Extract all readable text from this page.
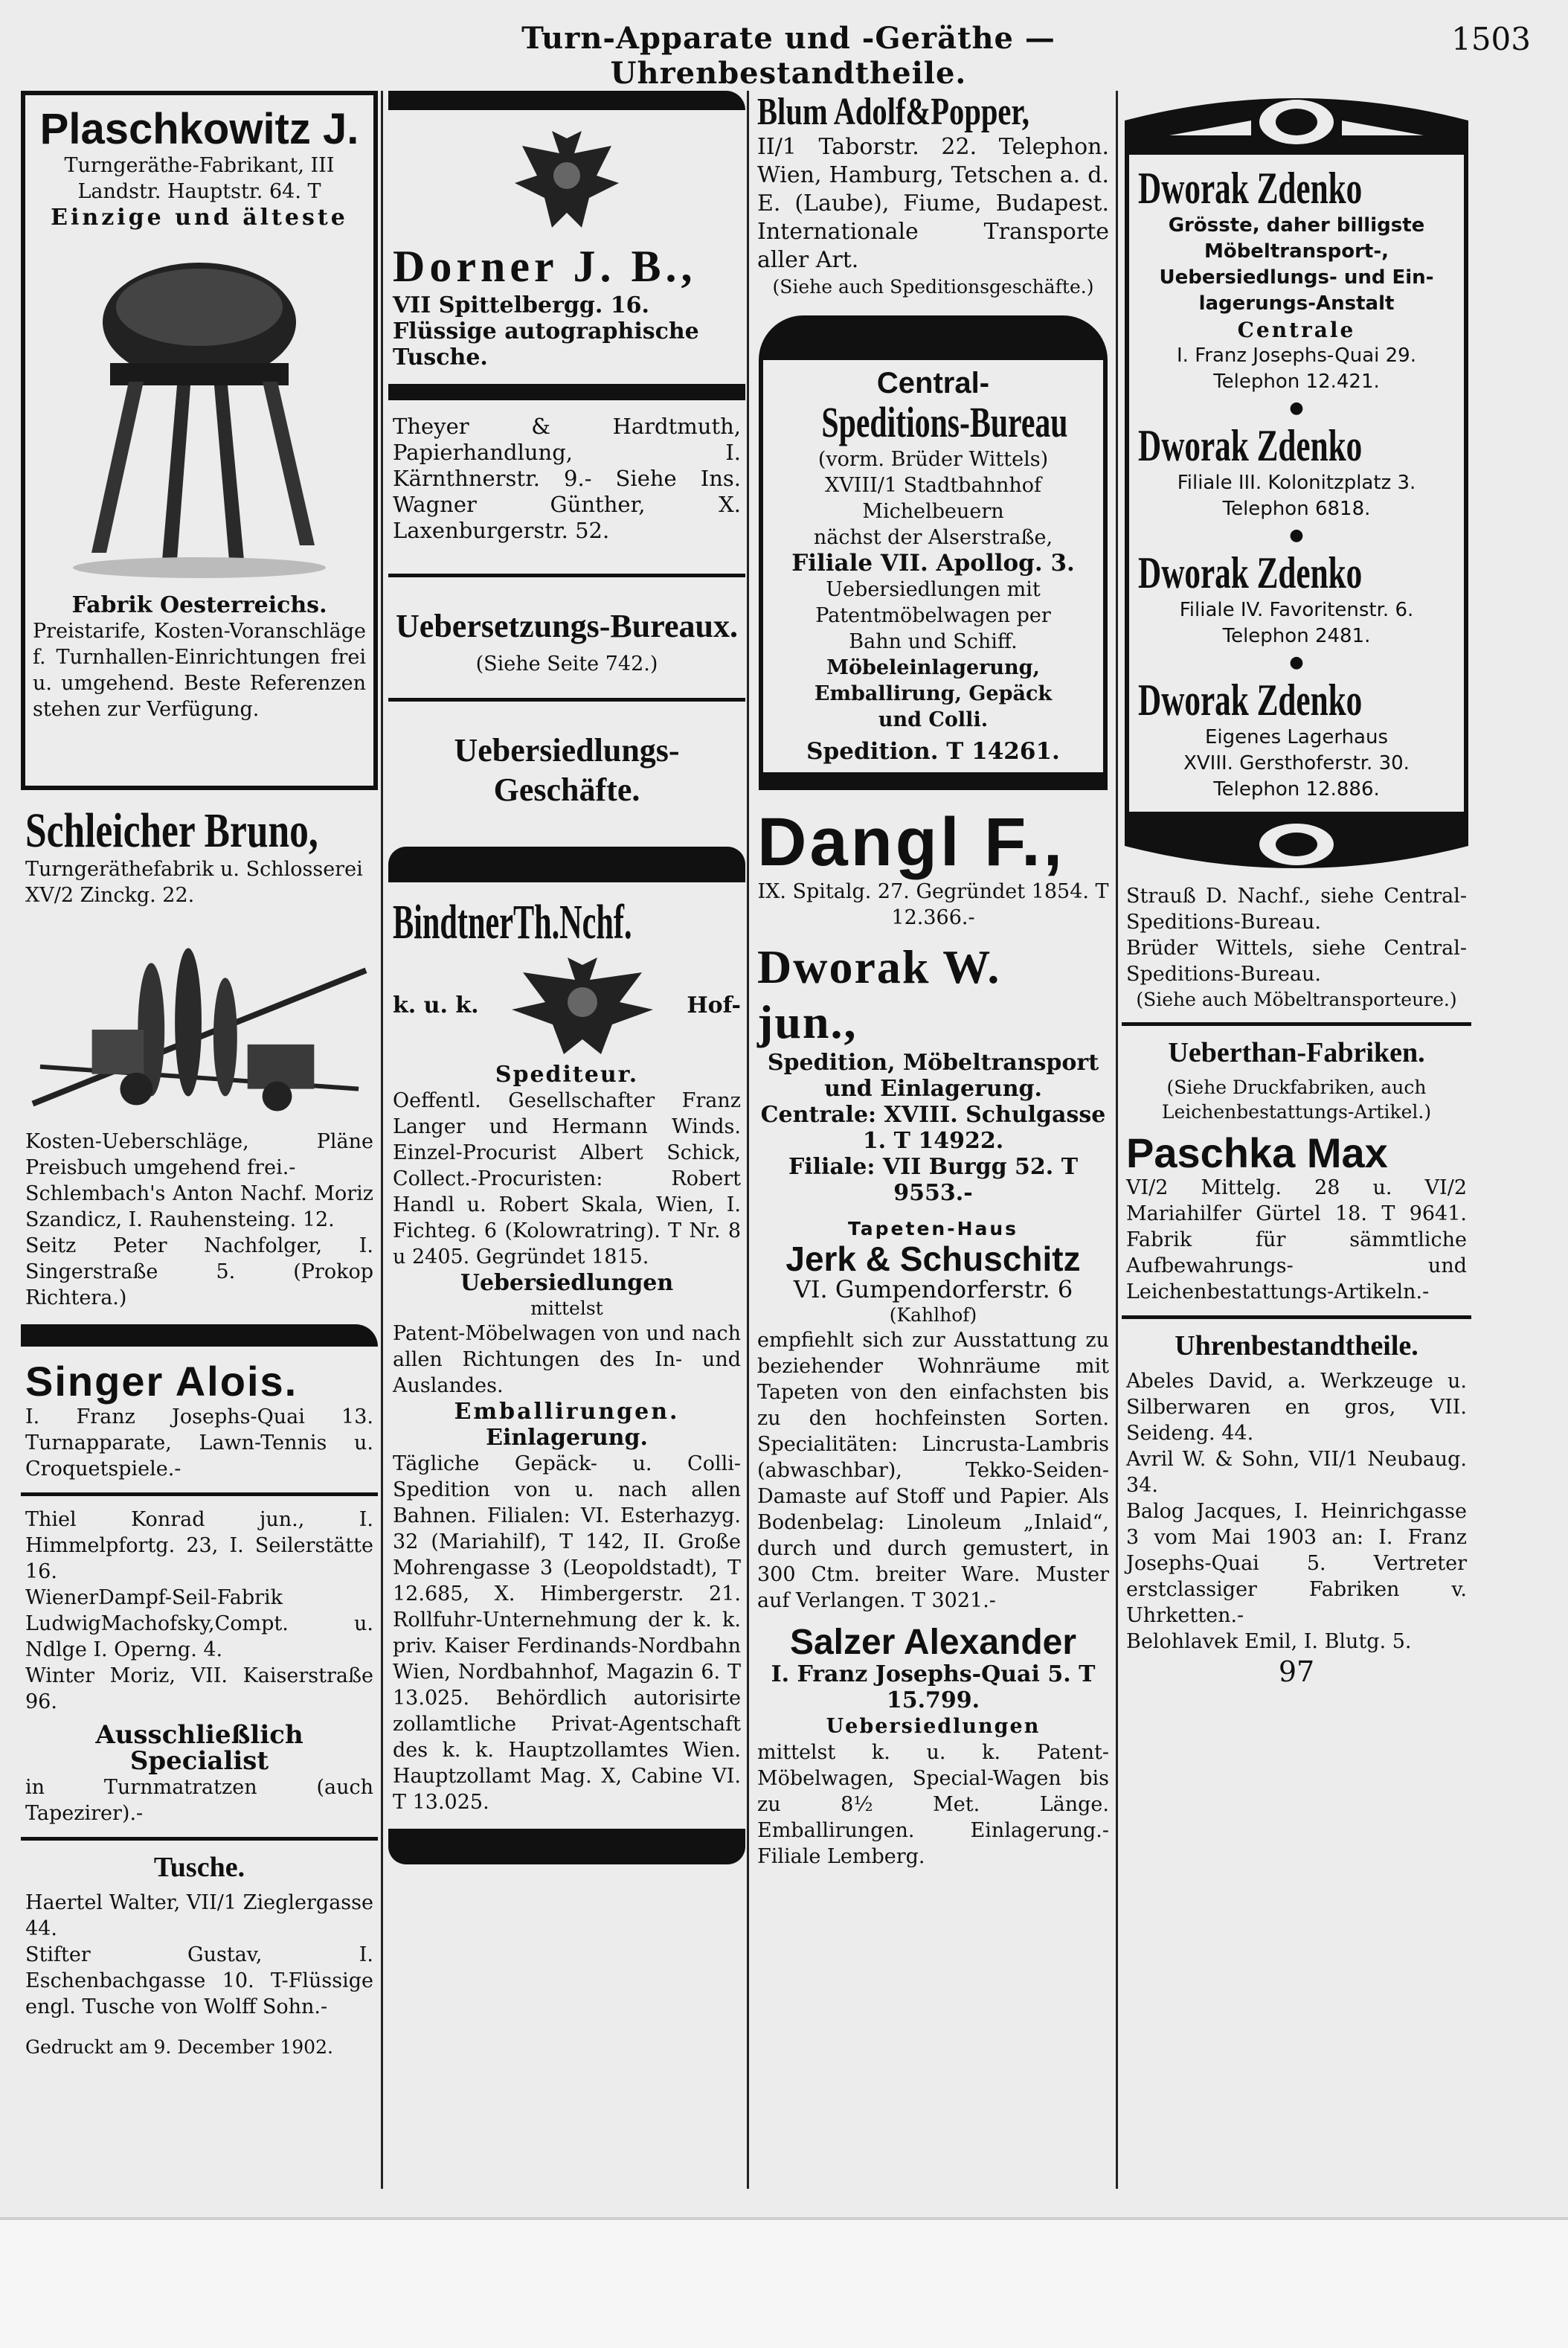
Turn-Apparate und -Geräthe — Uhrenbestandtheile.
1503
Plaschkowitz J.

Turngeräthe-Fabrikant, III

Landstr. Hauptstr. 64. T

Einzige und älteste

Fabrik Oesterreichs.

Preistarife, Kosten-Voranschläge f. Turnhallen-Einrichtungen frei u. umgehend. Beste Referenzen stehen zur Verfügung.

Schleicher Bruno,

Turngeräthefabrik u. Schlosserei

XV/2 Zinckg. 22.

Kosten-Ueberschläge, Pläne Preisbuch umgehend frei.-

Schlembach's Anton Nachf. Moriz Szandicz, I. Rauhensteing. 12.

Seitz Peter Nachfolger, I. Singerstraße 5. (Prokop Richtera.)

Singer Alois.

I. Franz Josephs-Quai 13. Turnapparate, Lawn-Tennis u. Croquetspiele.-

Thiel Konrad jun., I. Himmelpfortg. 23, I. Seilerstätte 16.

WienerDampf-Seil-Fabrik LudwigMachofsky,Compt. u. Ndlge I. Operng. 4.

Winter Moriz, VII. Kaiserstraße 96.

Ausschließlich Specialist

in Turnmatratzen (auch Tapezirer).-

Tusche.

Haertel Walter, VII/1 Zieglergasse 44.

Stifter Gustav, I. Eschenbachgasse 10. T-Flüssige engl. Tusche von Wolff Sohn.-

Gedruckt am 9. December 1902.

Dorner J. B.,

VII Spittelbergg. 16.

Flüssige autographische Tusche.

Theyer & Hardtmuth, Papierhandlung, I. Kärnthnerstr. 9.- Siehe Ins. Wagner Günther, X. Laxenburgerstr. 52.

Uebersetzungs-Bureaux.

(Siehe Seite 742.)

Uebersiedlungs-Geschäfte.
BindtnerTh.Nchf.
k. u. k.	Hof-

Spediteur.

Oeffentl. Gesellschafter Franz Langer und Hermann Winds. Einzel-Procurist Albert Schick, Collect.-Procuristen: Robert Handl u. Robert Skala, Wien, I. Fichteg. 6 (Kolowratring). T Nr. 8 u 2405. Gegründet 1815.

Uebersiedlungen

mittelst

Patent-Möbelwagen von und nach allen Richtungen des In- und Auslandes.

Emballirungen.

Einlagerung.

Tägliche Gepäck- u. Colli-Spedition von u. nach allen Bahnen. Filialen: VI. Esterhazyg. 32 (Mariahilf), T 142, II. Große Mohrengasse 3 (Leopoldstadt), T 12.685, X. Himbergerstr. 21. Rollfuhr-Unternehmung der k. k. priv. Kaiser Ferdinands-Nordbahn Wien, Nordbahnhof, Magazin 6. T 13.025. Behördlich autorisirte zollamtliche Privat-Agentschaft des k. k. Hauptzollamtes Wien. Hauptzollamt Mag. X, Cabine VI. T 13.025.

Blum Adolf&Popper,

II/1 Taborstr. 22. Telephon. Wien, Hamburg, Tetschen a. d. E. (Laube), Fiume, Budapest. Internationale Transporte aller Art.

(Siehe auch Speditionsgeschäfte.)

Central-
Speditions-Bureau

(vorm. Brüder Wittels)

XVIII/1 Stadtbahnhof Michelbeuern

nächst der Alserstraße,

Filiale VII. Apollog. 3.

Uebersiedlungen mit

Patentmöbelwagen per

Bahn und Schiff.

Möbeleinlagerung,

Emballirung, Gepäck

und Colli.

Spedition. T 14261.

Dangl F.,

IX. Spitalg. 27. Gegründet 1854. T 12.366.-

Dworak W. jun.,

Spedition, Möbeltransport und Einlagerung.

Centrale: XVIII. Schulgasse 1. T 14922.

Filiale: VII Burgg 52. T 9553.-

Tapeten-Haus

Jerk & Schuschitz

VI. Gumpendorferstr. 6

(Kahlhof)

empfiehlt sich zur Ausstattung zu beziehender Wohnräume mit Tapeten von den einfachsten bis zu den hochfeinsten Sorten. Specialitäten: Lincrusta-Lambris (abwaschbar), Tekko-Seiden-Damaste auf Stoff und Papier. Als Bodenbelag: Linoleum „Inlaid“, durch und durch gemustert, in 300 Ctm. breiter Ware. Muster auf Verlangen. T 3021.-

Salzer Alexander

I. Franz Josephs-Quai 5. T 15.799.

Uebersiedlungen

mittelst k. u. k. Patent-Möbelwagen, Special-Wagen bis zu 8½ Met. Länge. Emballirungen. Einlagerung.- Filiale Lemberg.

Dworak Zdenko

Grösste, daher billigste

Möbeltransport-,

Uebersiedlungs- und Ein-

lagerungs-Anstalt

Centrale

I. Franz Josephs-Quai 29.

Telephon 12.421.

●

Dworak Zdenko

Filiale III. Kolonitzplatz 3.

Telephon 6818.

●

Dworak Zdenko

Filiale IV. Favoritenstr. 6.

Telephon 2481.

●

Dworak Zdenko

Eigenes Lagerhaus

XVIII. Gersthoferstr. 30.

Telephon 12.886.

Strauß D. Nachf., siehe Central-Speditions-Bureau.

Brüder Wittels, siehe Central-Speditions-Bureau.

(Siehe auch Möbeltransporteure.)

Ueberthan-Fabriken.

(Siehe Druckfabriken, auch Leichenbestattungs-Artikel.)

Paschka Max

VI/2 Mittelg. 28 u. VI/2 Mariahilfer Gürtel 18. T 9641. Fabrik für sämmtliche Aufbewahrungs- und Leichenbestattungs-Artikeln.-

Uhrenbestandtheile.

Abeles David, a. Werkzeuge u. Silberwaren en gros, VII. Seideng. 44.

Avril W. & Sohn, VII/1 Neubaug. 34.

Balog Jacques, I. Heinrichgasse 3 vom Mai 1903 an: I. Franz Josephs-Quai 5. Vertreter erstclassiger Fabriken v. Uhrketten.-

Belohlavek Emil, I. Blutg. 5.

97
